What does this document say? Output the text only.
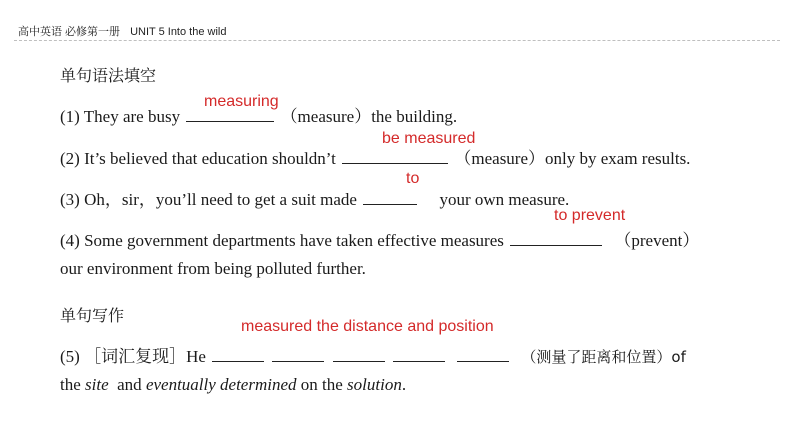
高中英语 必修第一册 UNIT 5 Into the wild
单句语法填空
measuring
(1) They are busy	（measure）the building.
be measured
(2) It’s believed that education shouldn’t	（measure）only by exam results.
to
(3) Oh，sir，you’ll need to get a suit made	your own measure.
to prevent
(4) Some government departments have taken effective measures	（prevent）
our environment from being polluted further.
单句写作
measured the distance and position
(5) ［词汇复现］He	（测量了距离和位置）of
the site  and eventually determined on the solution.
